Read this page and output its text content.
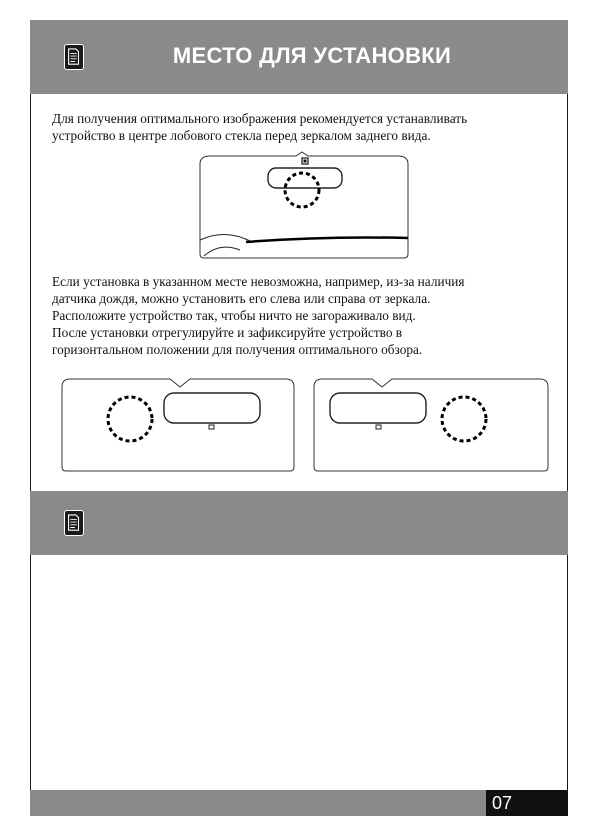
МЕСТО ДЛЯ УСТАНОВКИ
Для получения оптимального изображения рекомендуется устанавливать
устройство в центре лобового стекла перед зеркалом заднего вида.
Если установка в указанном месте невозможна, например, из-за наличия
датчика дождя, можно установить его слева или справа от зеркала.
Расположите устройство так, чтобы ничто не загораживало вид.
После установки отрегулируйте и зафиксируйте устройство в
горизонтальном положении для получения оптимального обзора.
07
